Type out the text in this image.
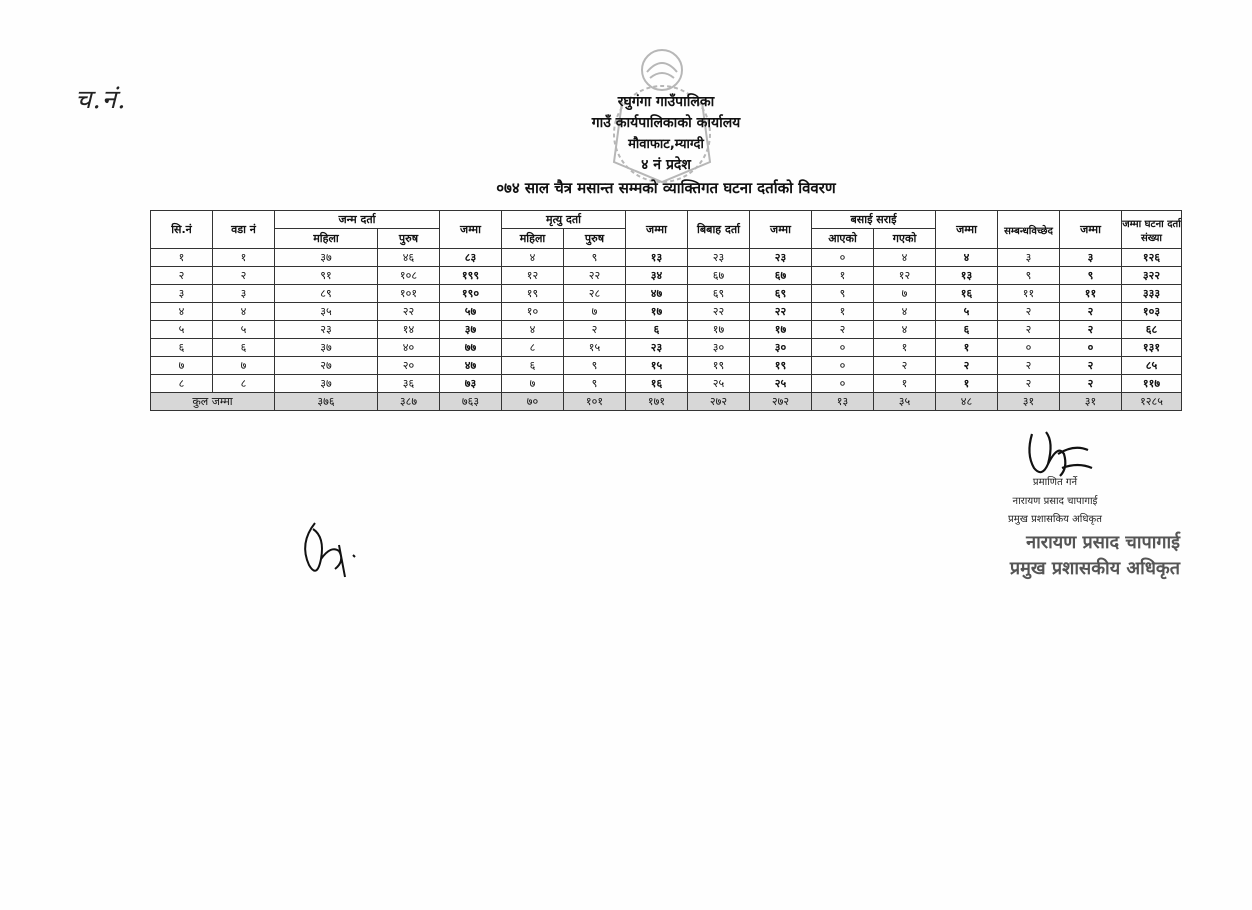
च.नं.	रघुगंगा गाउँपालिका
गाउँ कार्यपालिकाको कार्यालय
मौवाफाट,म्याग्दी
४ नं प्रदेश
०७४ साल चैत्र मसान्त सम्मको व्याक्तिगत घटना दर्ताको विवरण
सि.नं	वडा नं	जन्म दर्ता		जम्मा	मृत्यु दर्ता		जम्मा	बिबाह दर्ता	जम्मा	बसाई सराई		जम्मा	सम्बन्धविच्छेद	जम्मा	जम्मा घटना दर्ता संख्या
		महिला	पुरुष		महिला	पुरुष				आएको	गएको				
१	१	३७	४६	८३	४	९	१३	२३	२३	०	४	४	३	३	१२६
२	२	९१	१०८	१९९	१२	२२	३४	६७	६७	१	१२	१३	९	९	३२२
३	३	८९	१०१	१९०	१९	२८	४७	६९	६९	९	७	१६	११	११	३३३
४	४	३५	२२	५७	१०	७	१७	२२	२२	१	४	५	२	२	१०३
५	५	२३	१४	३७	४	२	६	१७	१७	२	४	६	२	२	६८
६	६	३७	४०	७७	८	१५	२३	३०	३०	०	१	१	०	०	१३१
७	७	२७	२०	४७	६	९	१५	१९	१९	०	२	२	२	२	८५
८	८	३७	३६	७३	७	९	१६	२५	२५	०	१	१	२	२	११७
कुल जम्मा		३७६	३८७	७६३	७०	१०१	१७१	२७२	२७२	१३	३५	४८	३१	३१	१२८५
प्रमाणित गर्ने
नारायण प्रसाद चापागाई
प्रमुख प्रशासकिय अधिकृत
नारायण प्रसाद चापागाई
प्रमुख प्रशासकीय अधिकृत
